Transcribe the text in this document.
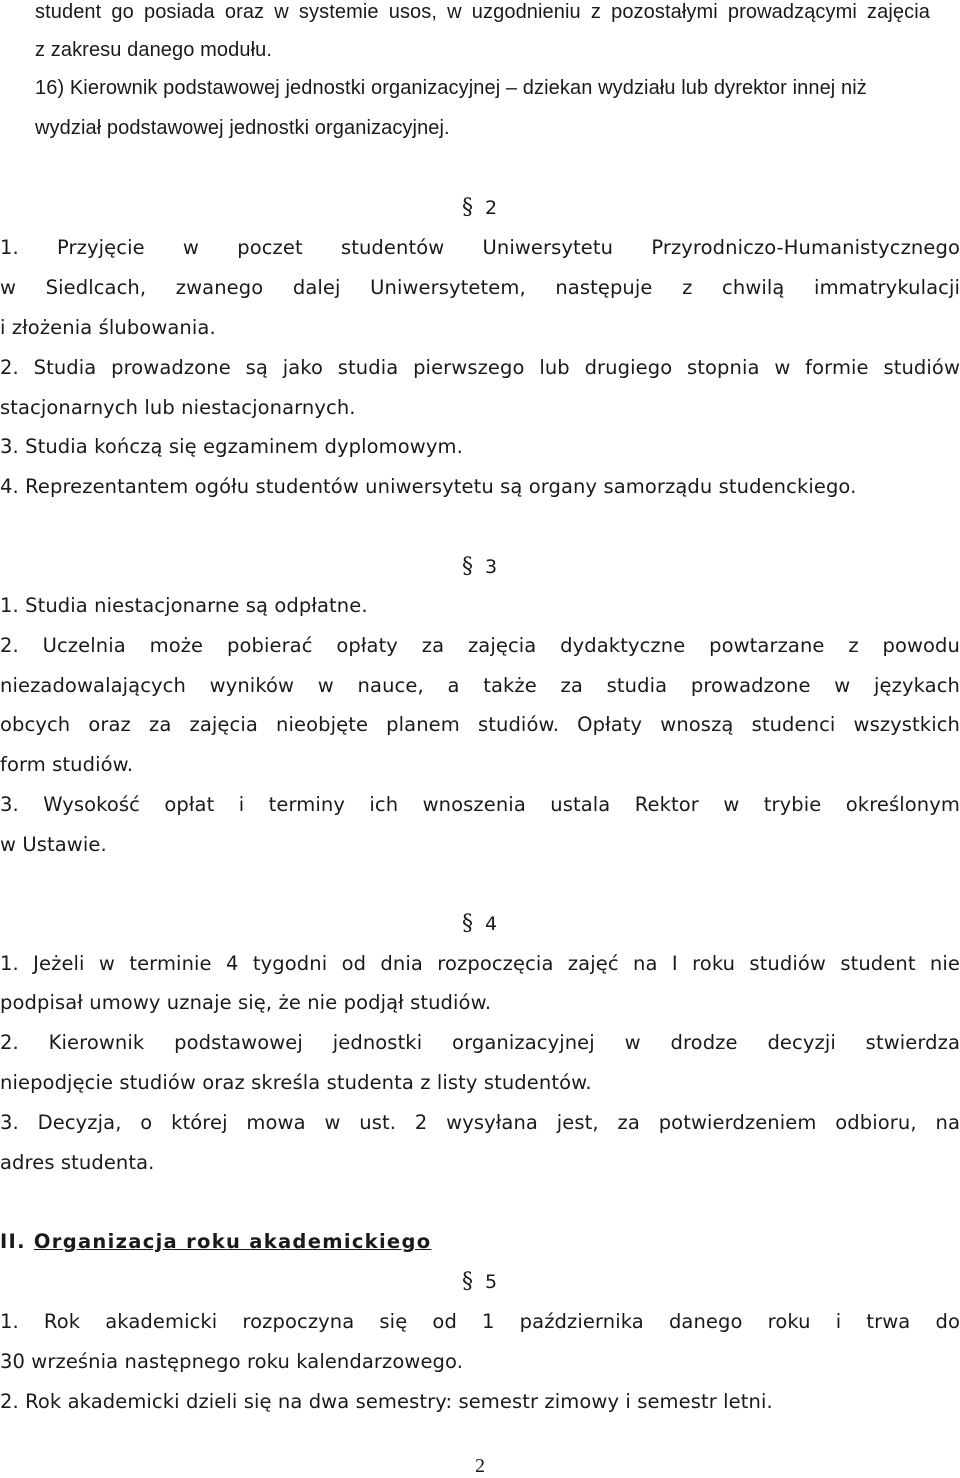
student go posiada oraz w systemie usos, w uzgodnieniu z pozostałymi prowadzącymi zajęcia
z zakresu danego modułu.
16) Kierownik podstawowej jednostki organizacyjnej – dziekan wydziału lub dyrektor innej niż
wydział podstawowej jednostki organizacyjnej.
§ 2
1. Przyjęcie w poczet studentów Uniwersytetu Przyrodniczo-Humanistycznego
w Siedlcach, zwanego dalej Uniwersytetem, następuje z chwilą immatrykulacji
i złożenia ślubowania.
2. Studia prowadzone są jako studia pierwszego lub drugiego stopnia w formie studiów
stacjonarnych lub niestacjonarnych.
3. Studia kończą się egzaminem dyplomowym.
4. Reprezentantem ogółu studentów uniwersytetu są organy samorządu studenckiego.
§ 3
1. Studia niestacjonarne są odpłatne.
2. Uczelnia może pobierać opłaty za zajęcia dydaktyczne powtarzane z powodu
niezadowalających wyników w nauce, a także za studia prowadzone w językach
obcych oraz za zajęcia nieobjęte planem studiów. Opłaty wnoszą studenci wszystkich
form studiów.
3. Wysokość opłat i terminy ich wnoszenia ustala Rektor w trybie określonym
w Ustawie.
§ 4
1. Jeżeli w terminie 4 tygodni od dnia rozpoczęcia zajęć na I roku studiów student nie
podpisał umowy uznaje się, że nie podjął studiów.
2. Kierownik podstawowej jednostki organizacyjnej w drodze decyzji stwierdza
niepodjęcie studiów oraz skreśla studenta z listy studentów.
3. Decyzja, o której mowa w ust. 2 wysyłana jest, za potwierdzeniem odbioru, na
adres studenta.
II. Organizacja roku akademickiego
§ 5
1. Rok akademicki rozpoczyna się od 1 października danego roku i trwa do
30 września następnego roku kalendarzowego.
2. Rok akademicki dzieli się na dwa semestry: semestr zimowy i semestr letni.
2
